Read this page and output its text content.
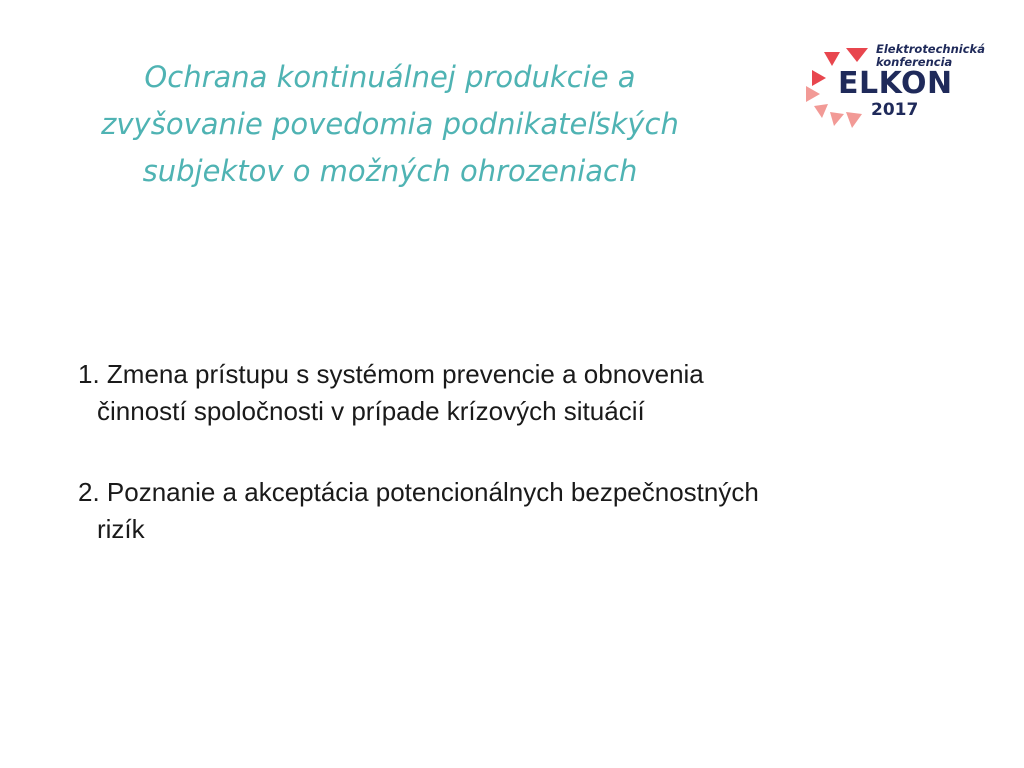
Ochrana kontinuálnej produkcie a
zvyšovanie povedomia podnikateľských
subjektov o možných ohrozeniach
Elektrotechnická
konferencia
ELKON
2017
1. Zmena prístupu s systémom prevencie a obnovenia
činností spoločnosti v prípade krízových situácií
2. Poznanie a akceptácia potencionálnych bezpečnostných
rizík
